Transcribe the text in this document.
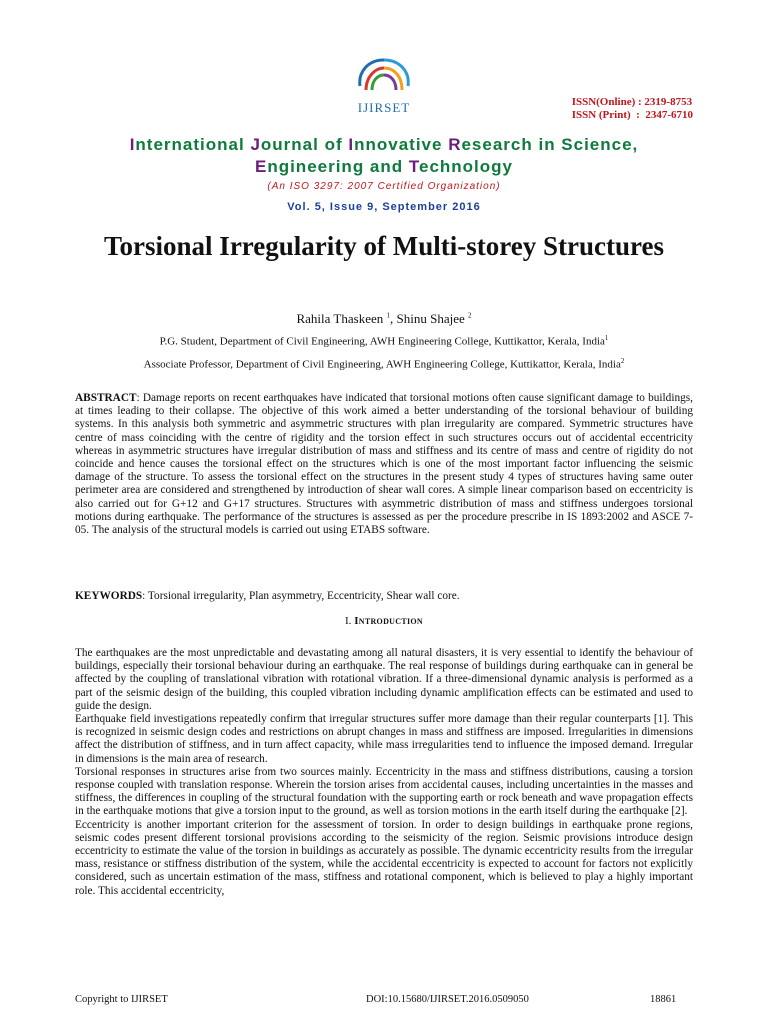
IJIRSET	ISSN(Online) : 2319-8753
ISSN (Print)  :  2347-6710
International Journal of Innovative Research in Science,
Engineering and Technology
(An ISO 3297: 2007 Certified Organization)
Vol. 5, Issue 9, September 2016
Torsional Irregularity of Multi-storey Structures
Rahila Thaskeen $^1$, Shinu Shajee $^2$
P.G. Student, Department of Civil Engineering, AWH Engineering College, Kuttikattor, Kerala, India$^1$
Associate Professor, Department of Civil Engineering, AWH Engineering College, Kuttikattor, Kerala, India$^2$

ABSTRACT: Damage reports on recent earthquakes have indicated that torsional motions often cause significant damage to buildings, at times leading to their collapse. The objective of this work aimed a better understanding of the torsional behaviour of building systems. In this analysis both symmetric and asymmetric structures with plan irregularity are compared. Symmetric structures have centre of mass coinciding with the centre of rigidity and the torsion effect in such structures occurs out of accidental eccentricity whereas in asymmetric structures have irregular distribution of mass and stiffness and its centre of mass and centre of rigidity do not coincide and hence causes the torsional effect on the structures which is one of the most important factor influencing the seismic damage of the structure. To assess the torsional effect on the structures in the present study 4 types of structures having same outer perimeter area are considered and strengthened by introduction of shear wall cores. A simple linear comparison based on eccentricity is also carried out for G+12 and G+17 structures. Structures with asymmetric distribution of mass and stiffness undergoes torsional motions during earthquake. The performance of the structures is assessed as per the procedure prescribe in IS 1893:2002 and ASCE 7-05. The analysis of the structural models is carried out using ETABS software.

KEYWORDS: Torsional irregularity, Plan asymmetry, Eccentricity, Shear wall core.

I. Introduction

The earthquakes are the most unpredictable and devastating among all natural disasters, it is very essential to identify the behaviour of buildings, especially their torsional behaviour during an earthquake. The real response of buildings during earthquake can in general be affected by the coupling of translational vibration with rotational vibration. If a three-dimensional dynamic analysis is performed as a part of the seismic design of the building, this coupled vibration including dynamic amplification effects can be estimated and used to guide the design.

Earthquake field investigations repeatedly confirm that irregular structures suffer more damage than their regular counterparts [1]. This is recognized in seismic design codes and restrictions on abrupt changes in mass and stiffness are imposed. Irregularities in dimensions affect the distribution of stiffness, and in turn affect capacity, while mass irregularities tend to influence the imposed demand. Irregular in dimensions is the main area of research.

Torsional responses in structures arise from two sources mainly. Eccentricity in the mass and stiffness distributions, causing a torsion response coupled with translation response. Wherein the torsion arises from accidental causes, including uncertainties in the masses and stiffness, the differences in coupling of the structural foundation with the supporting earth or rock beneath and wave propagation effects in the earthquake motions that give a torsion input to the ground, as well as torsion motions in the earth itself during the earthquake [2].

Eccentricity is another important criterion for the assessment of torsion. In order to design buildings in earthquake prone regions, seismic codes present different torsional provisions according to the seismicity of the region. Seismic provisions introduce design eccentricity to estimate the value of the torsion in buildings as accurately as possible. The dynamic eccentricity results from the irregular mass, resistance or stiffness distribution of the system, while the accidental eccentricity is expected to account for factors not explicitly considered, such as uncertain estimation of the mass, stiffness and rotational component, which is believed to play a highly important role. This accidental eccentricity,

Copyright to IJIRSET	DOI:10.15680/IJIRSET.2016.0509050	18861
